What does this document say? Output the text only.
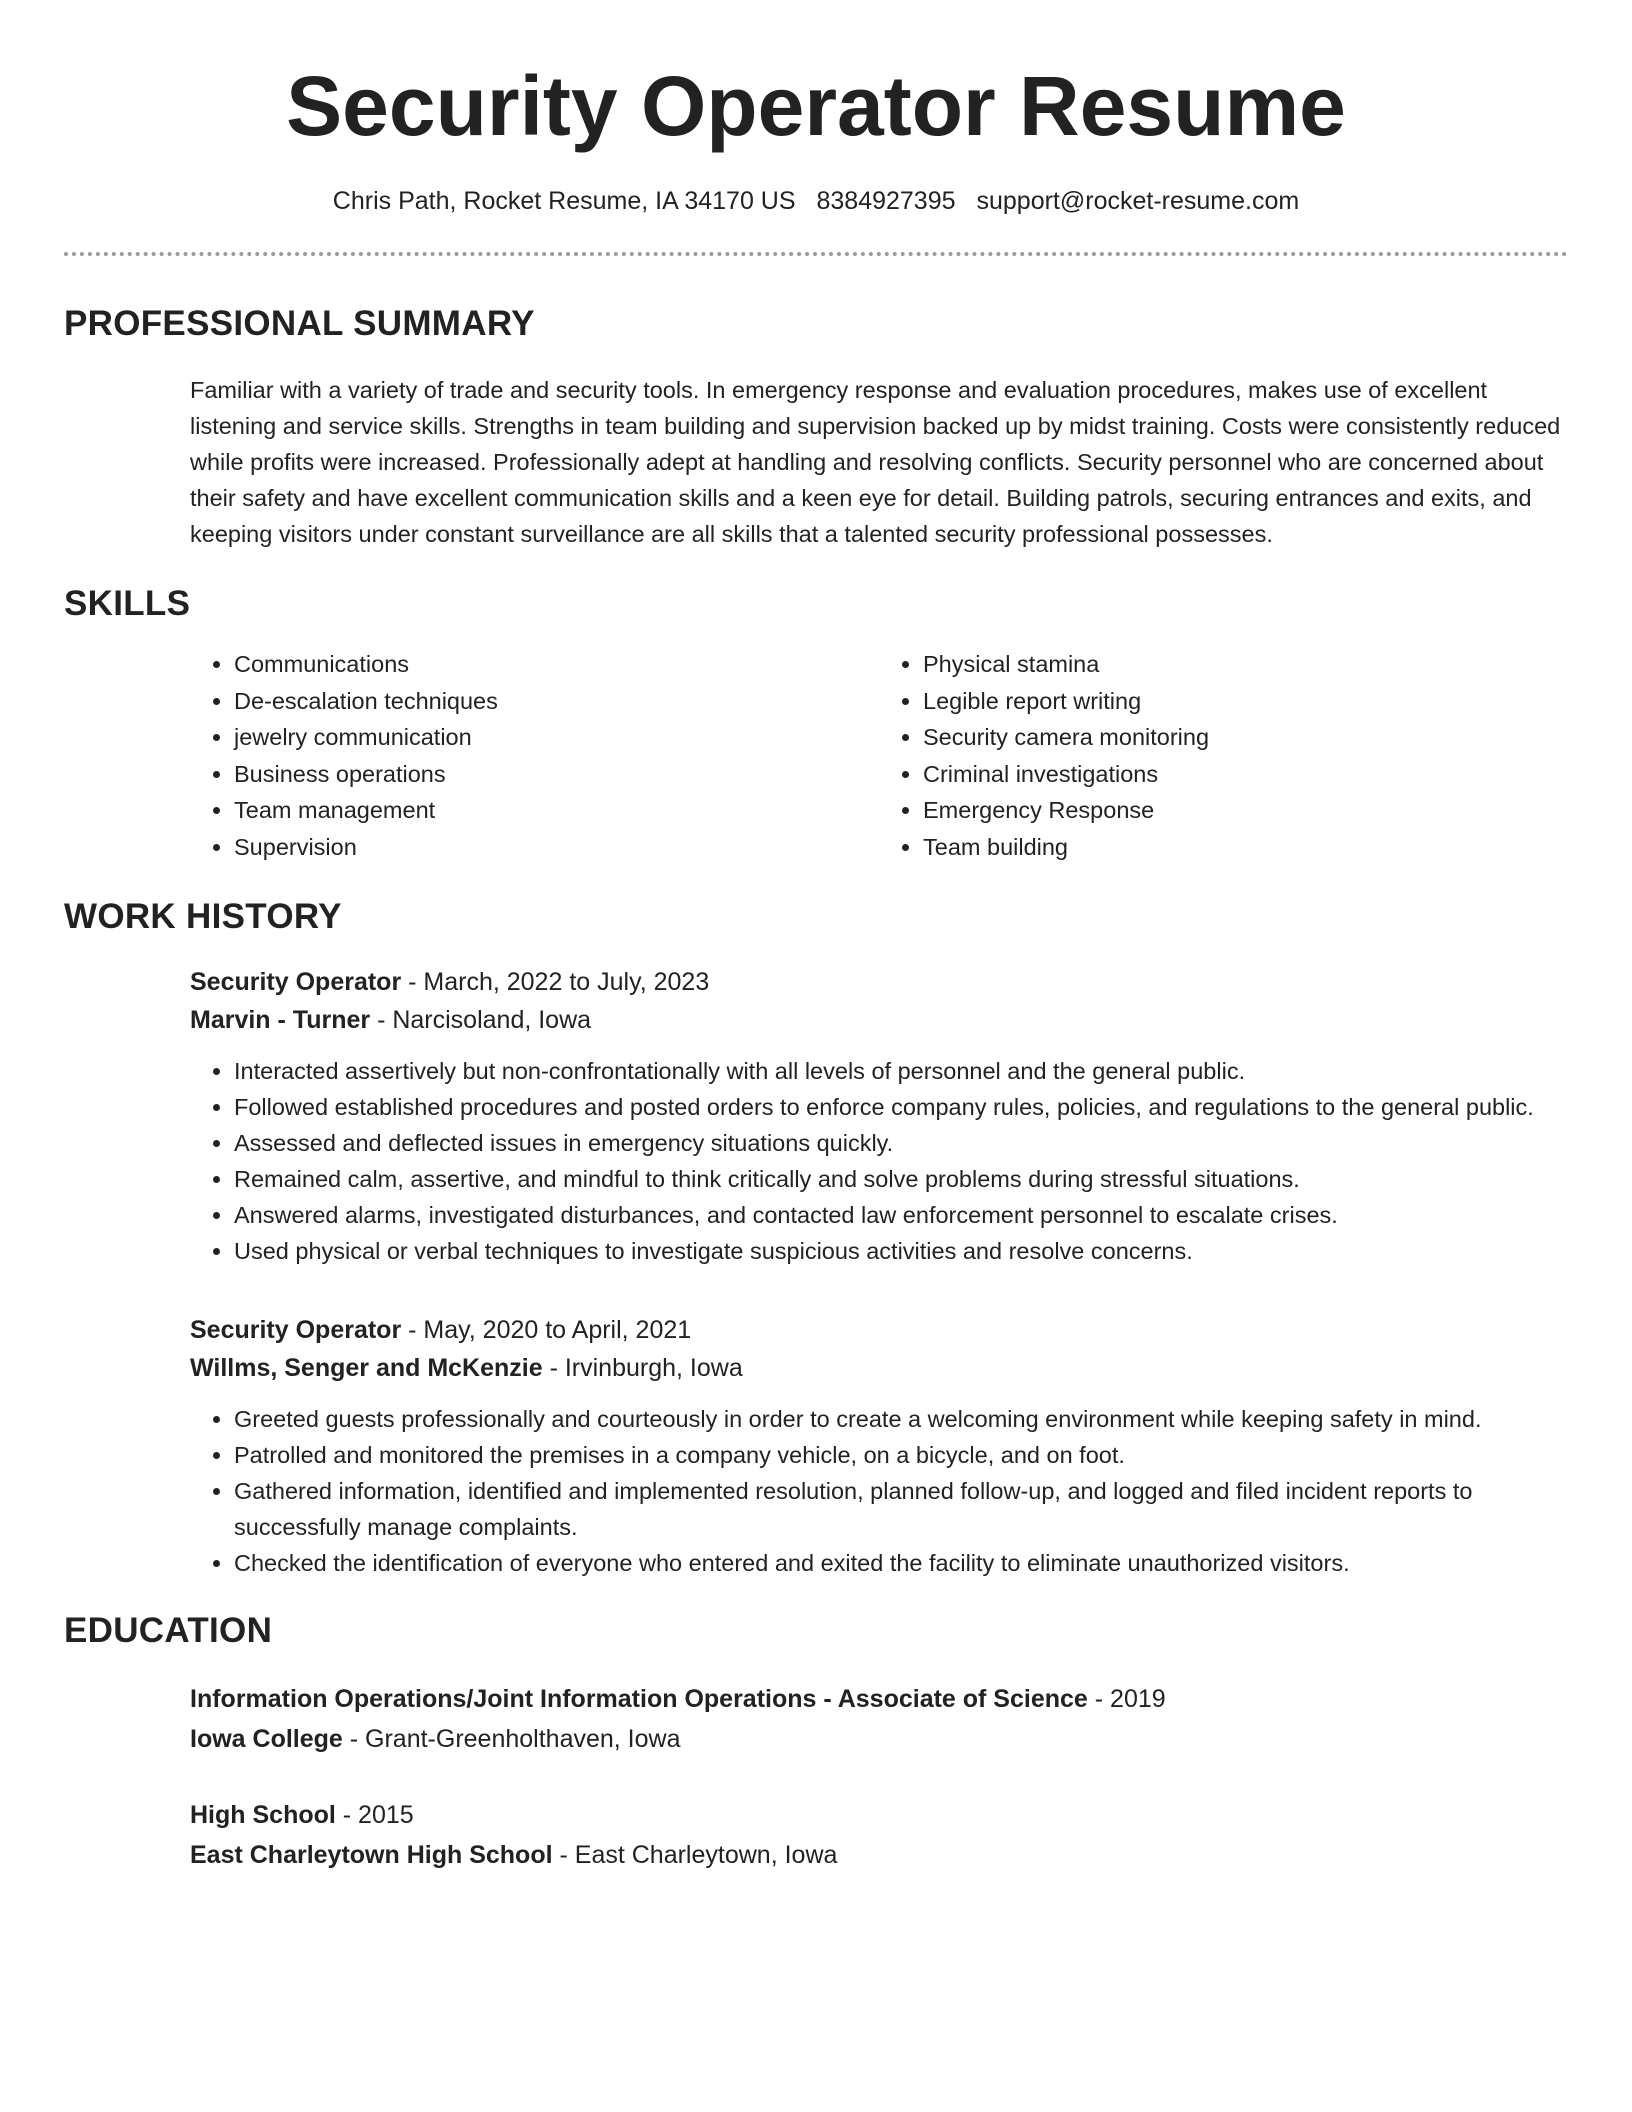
Security Operator Resume
Chris Path, Rocket Resume, IA 34170 US 8384927395 support@rocket-resume.com
PROFESSIONAL SUMMARY
Familiar with a variety of trade and security tools. In emergency response and evaluation procedures, makes use of excellent listening and service skills. Strengths in team building and supervision backed up by midst training. Costs were consistently reduced while profits were increased. Professionally adept at handling and resolving conflicts. Security personnel who are concerned about their safety and have excellent communication skills and a keen eye for detail. Building patrols, securing entrances and exits, and keeping visitors under constant surveillance are all skills that a talented security professional possesses.
SKILLS
• Communications
• De-escalation techniques
• jewelry communication
• Business operations
• Team management
• Supervision
• Physical stamina
• Legible report writing
• Security camera monitoring
• Criminal investigations
• Emergency Response
• Team building
WORK HISTORY
Security Operator - March, 2022 to July, 2023
Marvin - Turner - Narcisoland, Iowa
• Interacted assertively but non-confrontationally with all levels of personnel and the general public.
• Followed established procedures and posted orders to enforce company rules, policies, and regulations to the general public.
• Assessed and deflected issues in emergency situations quickly.
• Remained calm, assertive, and mindful to think critically and solve problems during stressful situations.
• Answered alarms, investigated disturbances, and contacted law enforcement personnel to escalate crises.
• Used physical or verbal techniques to investigate suspicious activities and resolve concerns.
Security Operator - May, 2020 to April, 2021
Willms, Senger and McKenzie - Irvinburgh, Iowa
• Greeted guests professionally and courteously in order to create a welcoming environment while keeping safety in mind.
• Patrolled and monitored the premises in a company vehicle, on a bicycle, and on foot.
• Gathered information, identified and implemented resolution, planned follow-up, and logged and filed incident reports to successfully manage complaints.
• Checked the identification of everyone who entered and exited the facility to eliminate unauthorized visitors.
EDUCATION
Information Operations/Joint Information Operations - Associate of Science - 2019
Iowa College - Grant-Greenholthaven, Iowa
High School - 2015
East Charleytown High School - East Charleytown, Iowa
